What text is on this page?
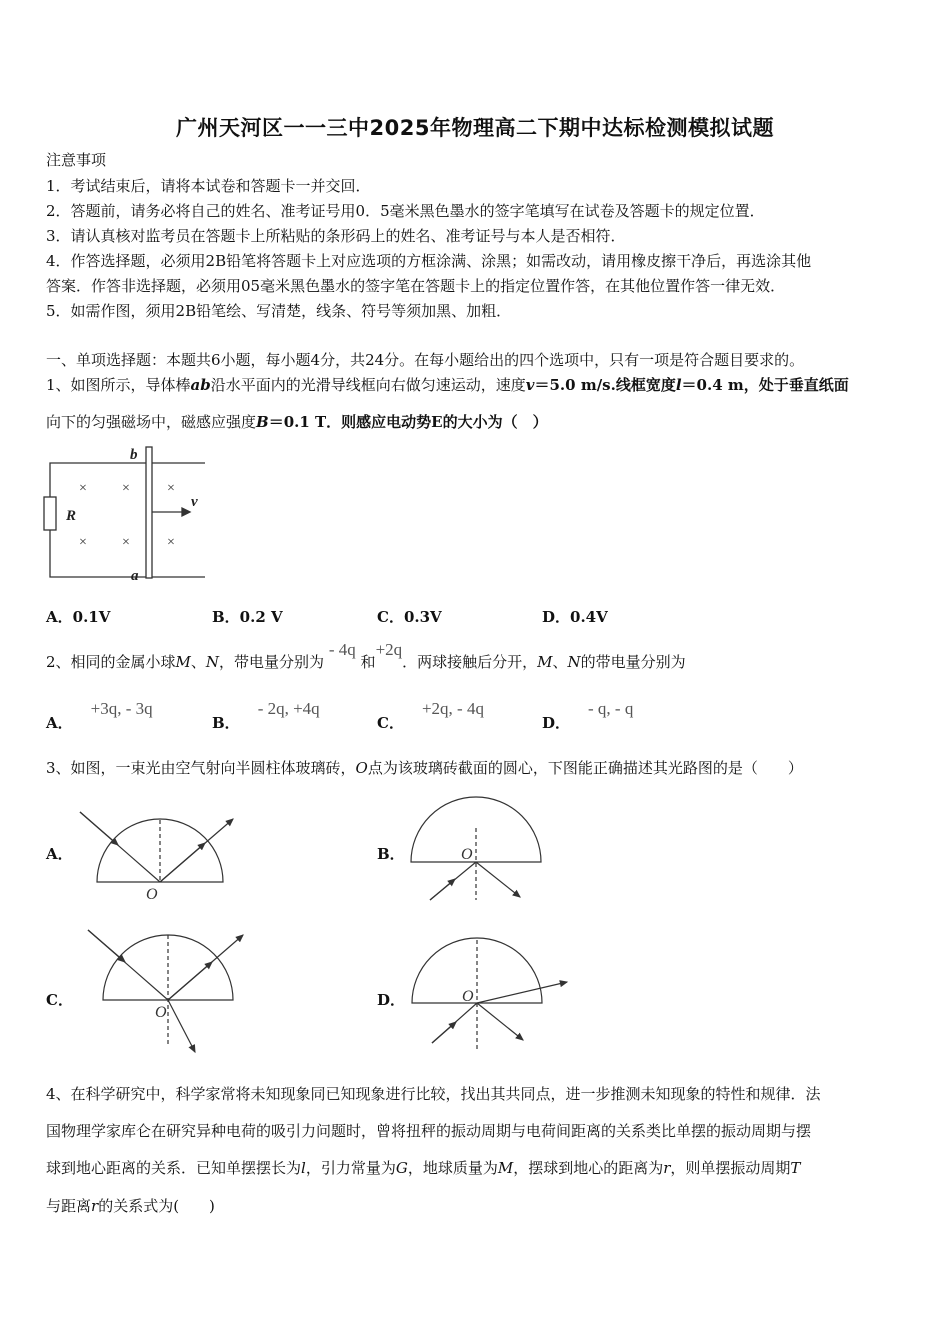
广州天河区一一三中2025年物理高二下期中达标检测模拟试题
注意事项
1．考试结束后，请将本试卷和答题卡一并交回．
2．答题前，请务必将自己的姓名、准考证号用0．5毫米黑色墨水的签字笔填写在试卷及答题卡的规定位置．
3．请认真核对监考员在答题卡上所粘贴的条形码上的姓名、准考证号与本人是否相符．
4．作答选择题，必须用2B铅笔将答题卡上对应选项的方框涂满、涂黑；如需改动，请用橡皮擦干净后，再选涂其他
答案．作答非选择题，必须用05毫米黑色墨水的签字笔在答题卡上的指定位置作答，在其他位置作答一律无效．
5．如需作图，须用2B铅笔绘、写清楚，线条、符号等须加黑、加粗．
一、单项选择题：本题共6小题，每小题4分，共24分。在每小题给出的四个选项中，只有一项是符合题目要求的。
1、如图所示，导体棒ab沿水平面内的光滑导线框向右做匀速运动，速度v＝5.0 m/s.线框宽度l＝0.4 m，处于垂直纸面
向下的匀强磁场中，磁感应强度B＝0.1 T．则感应电动势E的大小为（　）
b
a
R
v
×	×	×
×	×	×
O
O
O
O
A．0.1V	B．0.2 V	C．0.3V	D．0.4V
2、相同的金属小球M、N，带电量分别为 - 4q 和+2q．两球接触后分开，M、N的带电量分别为
A．+3q, - 3q
B．- 2q, +4q
C．+2q, - 4q
D．- q, - q
3、如图，一束光由空气射向半圆柱体玻璃砖，O点为该玻璃砖截面的圆心，下图能正确描述其光路图的是（　　）
A．	B．
C．	D．
4、在科学研究中，科学家常将未知现象同已知现象进行比较，找出其共同点，进一步推测未知现象的特性和规律．法
国物理学家库仑在研究异种电荷的吸引力问题时，曾将扭秤的振动周期与电荷间距离的关系类比单摆的振动周期与摆
球到地心距离的关系．已知单摆摆长为l，引力常量为G，地球质量为M，摆球到地心的距离为r，则单摆振动周期T
与距离r的关系式为(　　)
